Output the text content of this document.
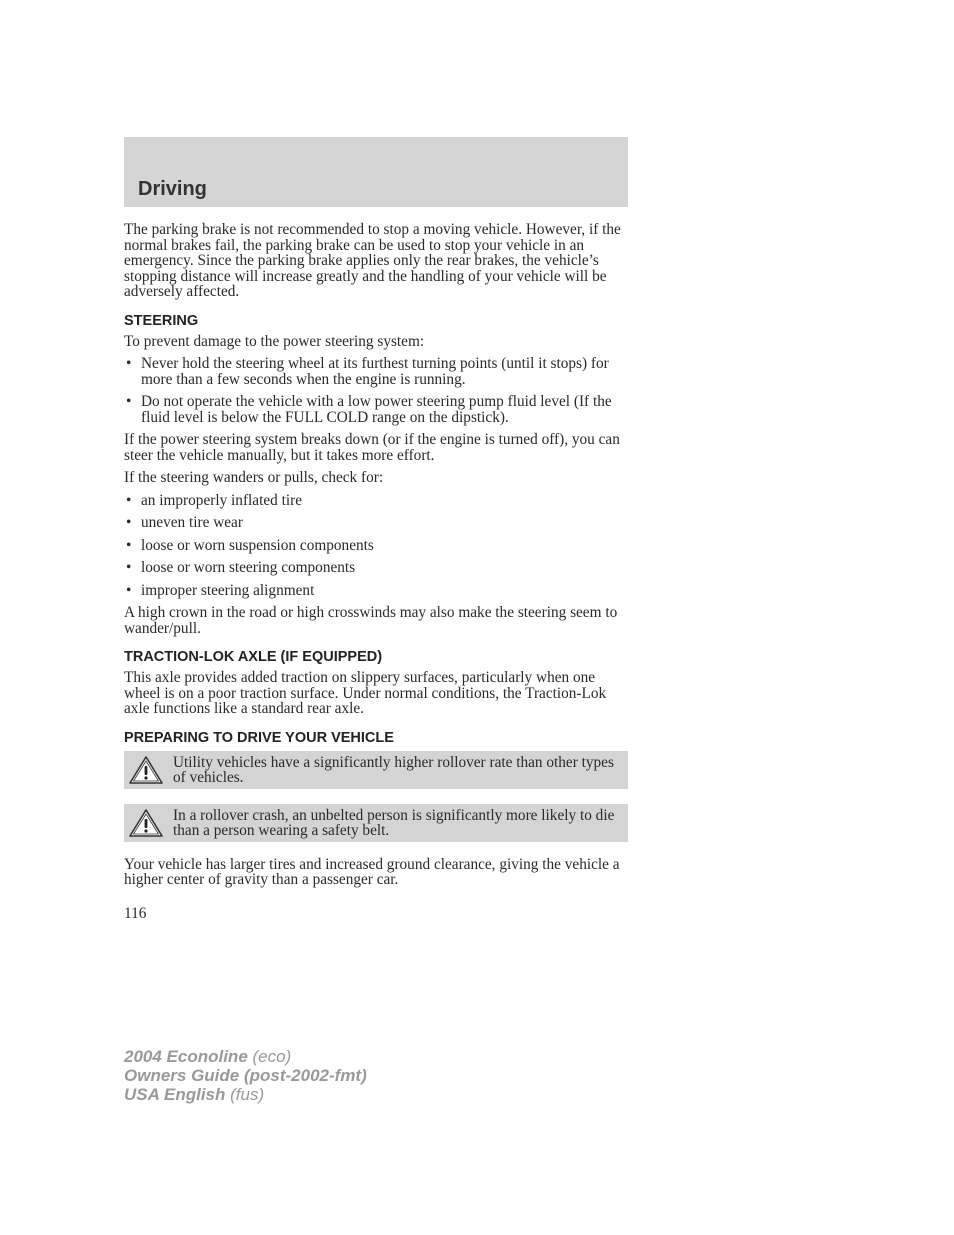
Driving

The parking brake is not recommended to stop a moving vehicle. However, if the normal brakes fail, the parking brake can be used to stop your vehicle in an emergency. Since the parking brake applies only the rear brakes, the vehicle’s stopping distance will increase greatly and the handling of your vehicle will be adversely affected.

STEERING

To prevent damage to the power steering system:

• Never hold the steering wheel at its furthest turning points (until it stops) for more than a few seconds when the engine is running.
• Do not operate the vehicle with a low power steering pump fluid level (If the fluid level is below the FULL COLD range on the dipstick).

If the power steering system breaks down (or if the engine is turned off), you can steer the vehicle manually, but it takes more effort.

If the steering wanders or pulls, check for:

• an improperly inflated tire
• uneven tire wear
• loose or worn suspension components
• loose or worn steering components
• improper steering alignment

A high crown in the road or high crosswinds may also make the steering seem to wander/pull.

TRACTION-LOK AXLE (IF EQUIPPED)

This axle provides added traction on slippery surfaces, particularly when one wheel is on a poor traction surface. Under normal conditions, the Traction-Lok axle functions like a standard rear axle.

PREPARING TO DRIVE YOUR VEHICLE
Utility vehicles have a significantly higher rollover rate than other types of vehicles.
In a rollover crash, an unbelted person is significantly more likely to die than a person wearing a safety belt.

Your vehicle has larger tires and increased ground clearance, giving the vehicle a higher center of gravity than a passenger car.

116
2004 Econoline (eco)
Owners Guide (post-2002-fmt)
USA English (fus)
